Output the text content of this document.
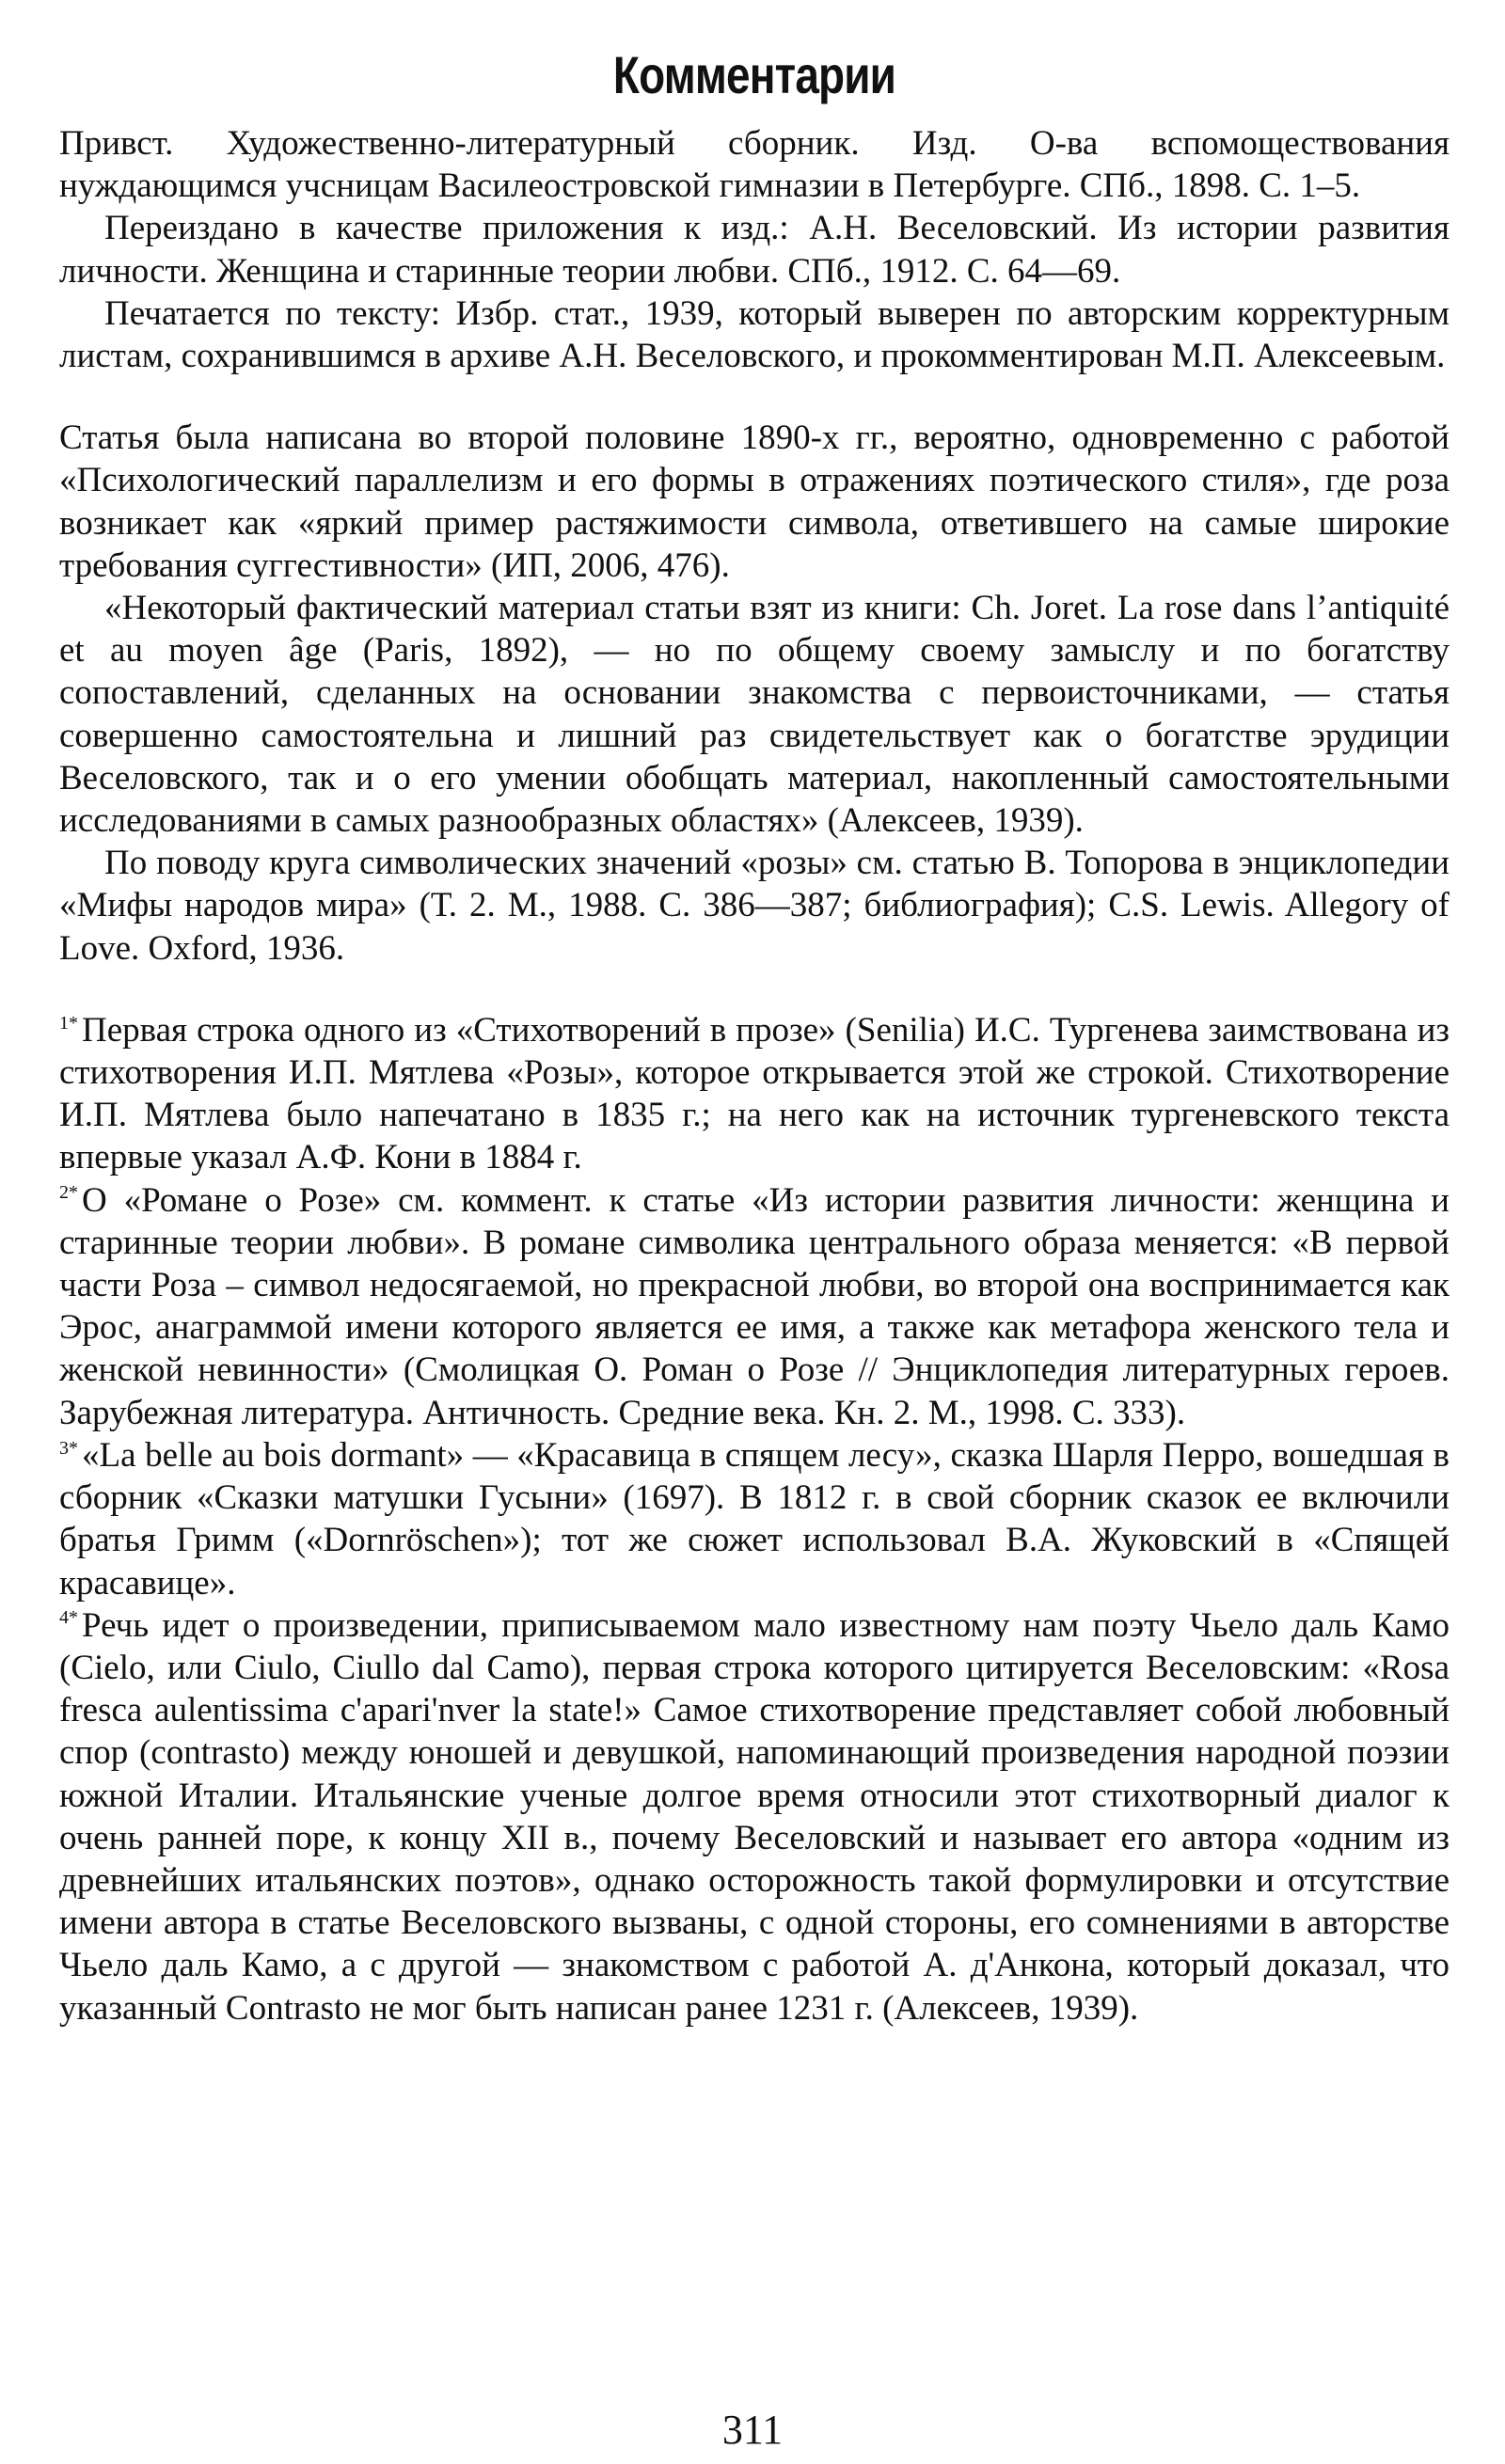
Комментарии

Привст. Художественно-литературный сборник. Изд. О-ва вспомоществования нуждающимся учсницам Василеостровской гимназии в Петербурге. СПб., 1898. С. 1–5.

Переиздано в качестве приложения к изд.: А.Н. Веселовский. Из истории развития личности. Женщина и старинные теории любви. СПб., 1912. С. 64—69.

Печатается по тексту: Избр. стат., 1939, который выверен по авторским корректурным листам, сохранившимся в архиве А.Н. Веселовского, и прокомментирован М.П. Алексеевым.

Статья была написана во второй половине 1890-х гг., вероятно, одновременно с работой «Психологический параллелизм и его формы в отражениях поэтического стиля», где роза возникает как «яркий пример растяжимости символа, ответившего на самые широкие требования суггестивности» (ИП, 2006, 476).

«Некоторый фактический материал статьи взят из книги: Ch. Joret. La rose dans l’antiquité et au moyen âge (Paris, 1892), — но по общему своему замыслу и по богатству сопоставлений, сделанных на основании знакомства с первоисточниками, — статья совершенно самостоятельна и лишний раз свидетельствует как о богатстве эрудиции Веселовского, так и о его умении обобщать материал, накопленный самостоятельными исследованиями в самых разнообразных областях» (Алексеев, 1939).

По поводу круга символических значений «розы» см. статью В. Топорова в энциклопедии «Мифы народов мира» (Т. 2. М., 1988. С. 386—387; библиография); C.S. Lewis. Allegory of Love. Oxford, 1936.

$^{1*}$ Первая строка одного из «Стихотворений в прозе» (Senilia) И.С. Тургенева заимствована из стихотворения И.П. Мятлева «Розы», которое открывается этой же строкой. Стихотворение И.П. Мятлева было напечатано в 1835 г.; на него как на источник тургеневского текста впервые указал А.Ф. Кони в 1884 г.

$^{2*}$ О «Романе о Розе» см. коммент. к статье «Из истории развития личности: женщина и старинные теории любви». В романе символика центрального образа меняется: «В первой части Роза – символ недосягаемой, но прекрасной любви, во второй она воспринимается как Эрос, анаграммой имени которого является ее имя, а также как метафора женского тела и женской невинности» (Смолицкая О. Роман о Розе // Энциклопедия литературных героев. Зарубежная литература. Античность. Средние века. Кн. 2. М., 1998. С. 333).

$^{3*}$ «La belle au bois dormant» — «Красавица в спящем лесу», сказка Шарля Перро, вошедшая в сборник «Сказки матушки Гусыни» (1697). В 1812 г. в свой сборник сказок ее включили братья Гримм («Dornröschen»); тот же сюжет использовал В.А. Жуковский в «Спящей красавице».

$^{4*}$ Речь идет о произведении, приписываемом мало известному нам поэту Чьело даль Камо (Cielo, или Ciulo, Ciullo dal Camo), первая строка которого цитируется Веселовским: «Rosa fresca aulentissima c'apari'nver la state!» Самое стихотворение представляет собой любовный спор (contrasto) между юношей и девушкой, напоминающий произведения народной поэзии южной Италии. Итальянские ученые долгое время относили этот стихотворный диалог к очень ранней поре, к концу XII в., почему Веселовский и называет его автора «одним из древнейших итальянских поэтов», однако осторожность такой формулировки и отсутствие имени автора в статье Веселовского вызваны, с одной стороны, его сомнениями в авторстве Чьело даль Камо, а с другой — знакомством с работой А. д'Анкона, который доказал, что указанный Contrasto не мог быть написан ранее 1231 г. (Алексеев, 1939).

311
